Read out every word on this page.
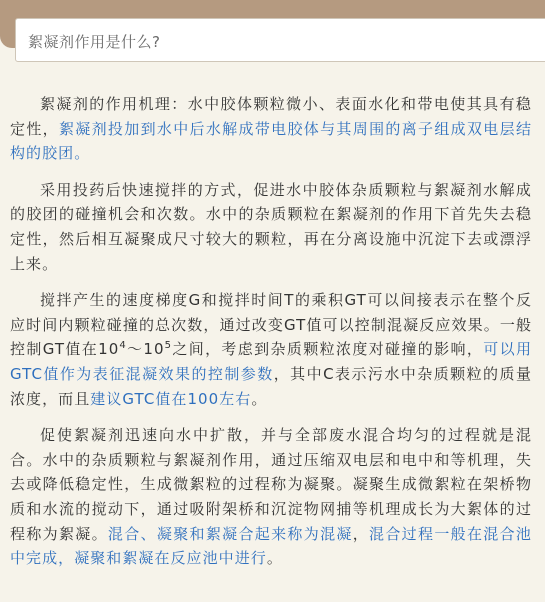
絮凝剂作用是什么?

絮凝剂的作用机理：水中胶体颗粒微小、表面水化和带电使其具有稳定性，絮凝剂投加到水中后水解成带电胶体与其周围的离子组成双电层结构的胶团。

采用投药后快速搅拌的方式，促进水中胶体杂质颗粒与絮凝剂水解成的胶团的碰撞机会和次数。水中的杂质颗粒在絮凝剂的作用下首先失去稳定性，然后相互凝聚成尺寸较大的颗粒，再在分离设施中沉淀下去或漂浮上来。

搅拌产生的速度梯度G和搅拌时间T的乘积GT可以间接表示在整个反应时间内颗粒碰撞的总次数，通过改变GT值可以控制混凝反应效果。一般控制GT值在$10^4\sim 10^5$之间，考虑到杂质颗粒浓度对碰撞的影响，可以用GTC值作为表征混凝效果的控制参数，其中C表示污水中杂质颗粒的质量浓度，而且建议GTC值在100左右。

促使絮凝剂迅速向水中扩散，并与全部废水混合均匀的过程就是混合。水中的杂质颗粒与絮凝剂作用，通过压缩双电层和电中和等机理，失去或降低稳定性，生成微絮粒的过程称为凝聚。凝聚生成微絮粒在架桥物质和水流的搅动下，通过吸附架桥和沉淀物网捕等机理成长为大絮体的过程称为絮凝。混合、凝聚和絮凝合起来称为混凝，混合过程一般在混合池中完成，凝聚和絮凝在反应池中进行。
